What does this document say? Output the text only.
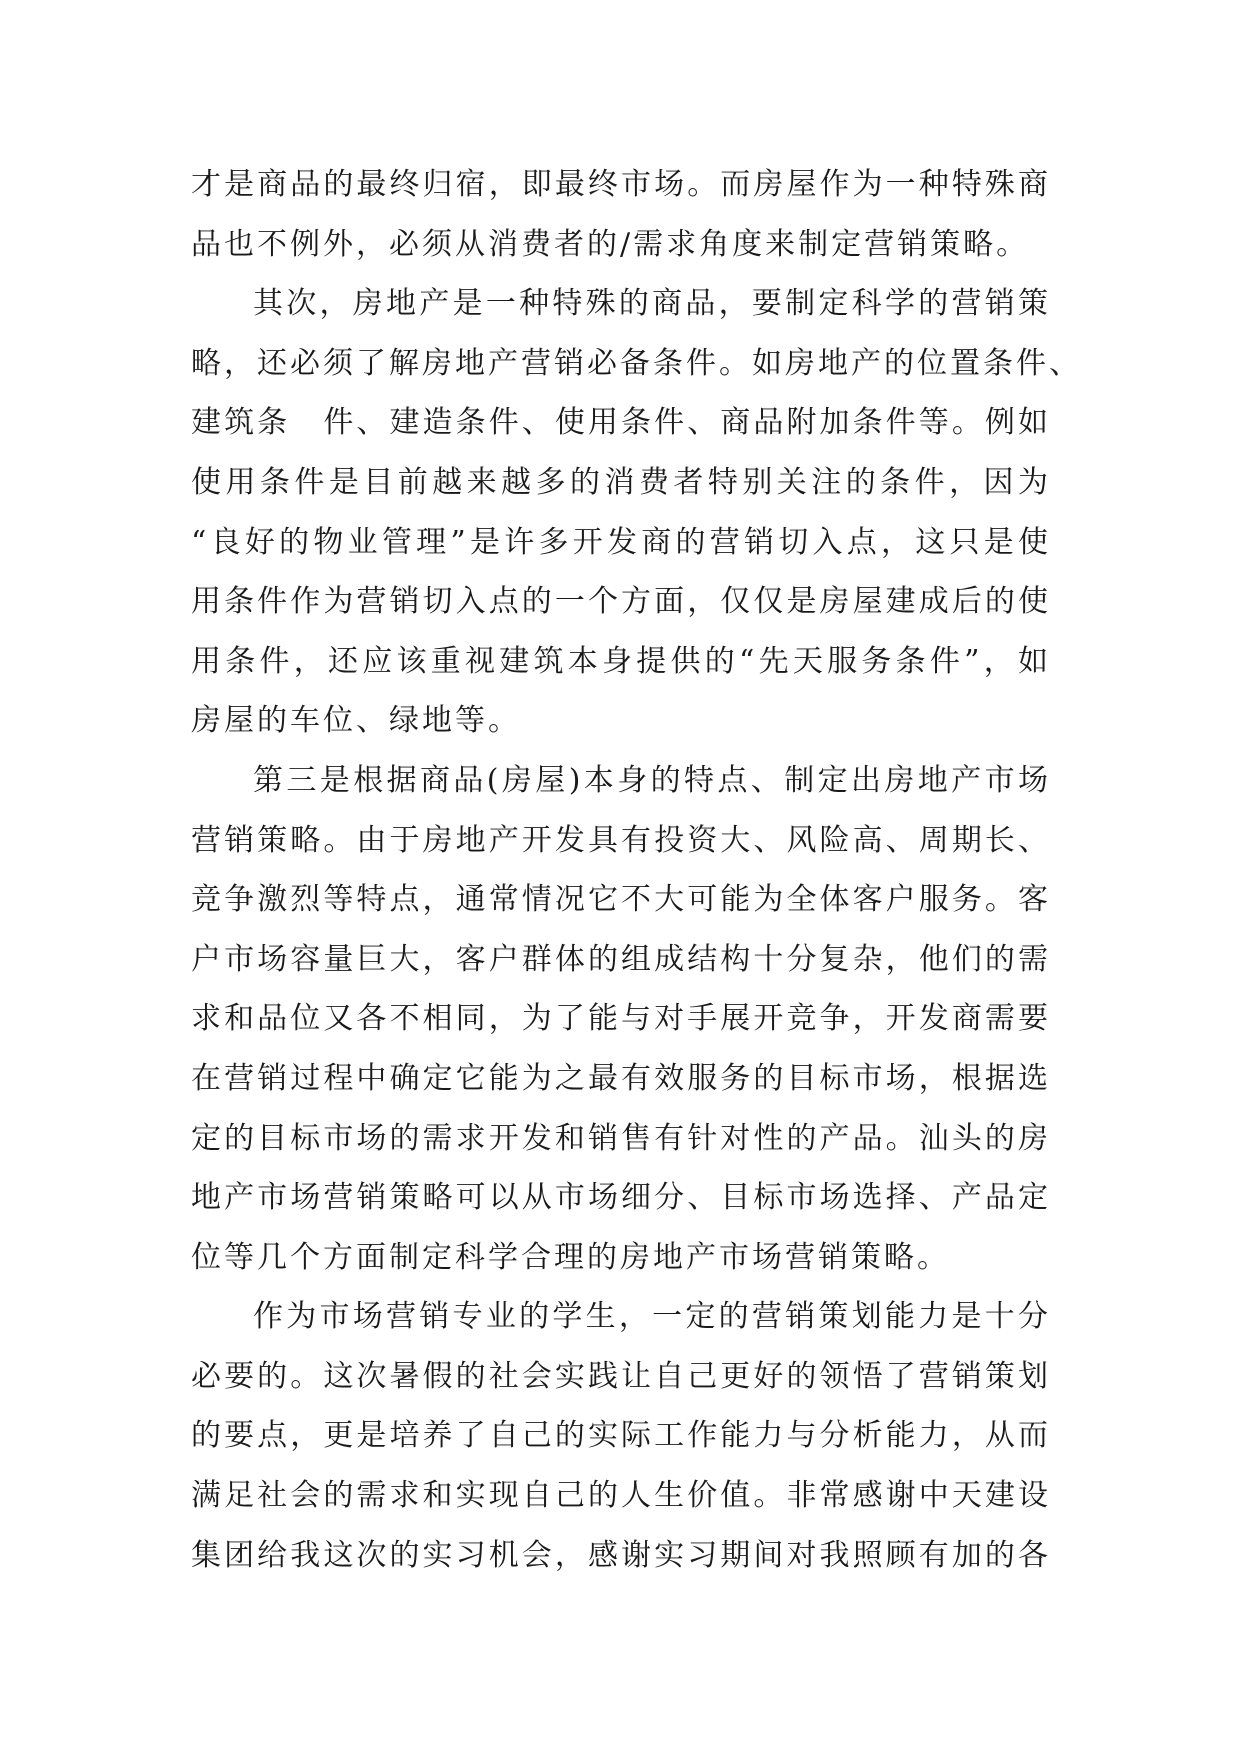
才是商品的最终归宿，即最终市场。而房屋作为一种特殊商
品也不例外，必须从消费者的/需求角度来制定营销策略。
其次，房地产是一种特殊的商品，要制定科学的营销策
略，还必须了解房地产营销必备条件。如房地产的位置条件、
建筑条　件、建造条件、使用条件、商品附加条件等。例如
使用条件是目前越来越多的消费者特别关注的条件，因为
“良好的物业管理”是许多开发商的营销切入点，这只是使
用条件作为营销切入点的一个方面，仅仅是房屋建成后的使
用条件，还应该重视建筑本身提供的“先天服务条件”，如
房屋的车位、绿地等。
第三是根据商品(房屋)本身的特点、制定出房地产市场
营销策略。由于房地产开发具有投资大、风险高、周期长、
竞争激烈等特点，通常情况它不大可能为全体客户服务。客
户市场容量巨大，客户群体的组成结构十分复杂，他们的需
求和品位又各不相同，为了能与对手展开竞争，开发商需要
在营销过程中确定它能为之最有效服务的目标市场，根据选
定的目标市场的需求开发和销售有针对性的产品。汕头的房
地产市场营销策略可以从市场细分、目标市场选择、产品定
位等几个方面制定科学合理的房地产市场营销策略。
作为市场营销专业的学生，一定的营销策划能力是十分
必要的。这次暑假的社会实践让自己更好的领悟了营销策划
的要点，更是培养了自己的实际工作能力与分析能力，从而
满足社会的需求和实现自己的人生价值。非常感谢中天建设
集团给我这次的实习机会，感谢实习期间对我照顾有加的各
